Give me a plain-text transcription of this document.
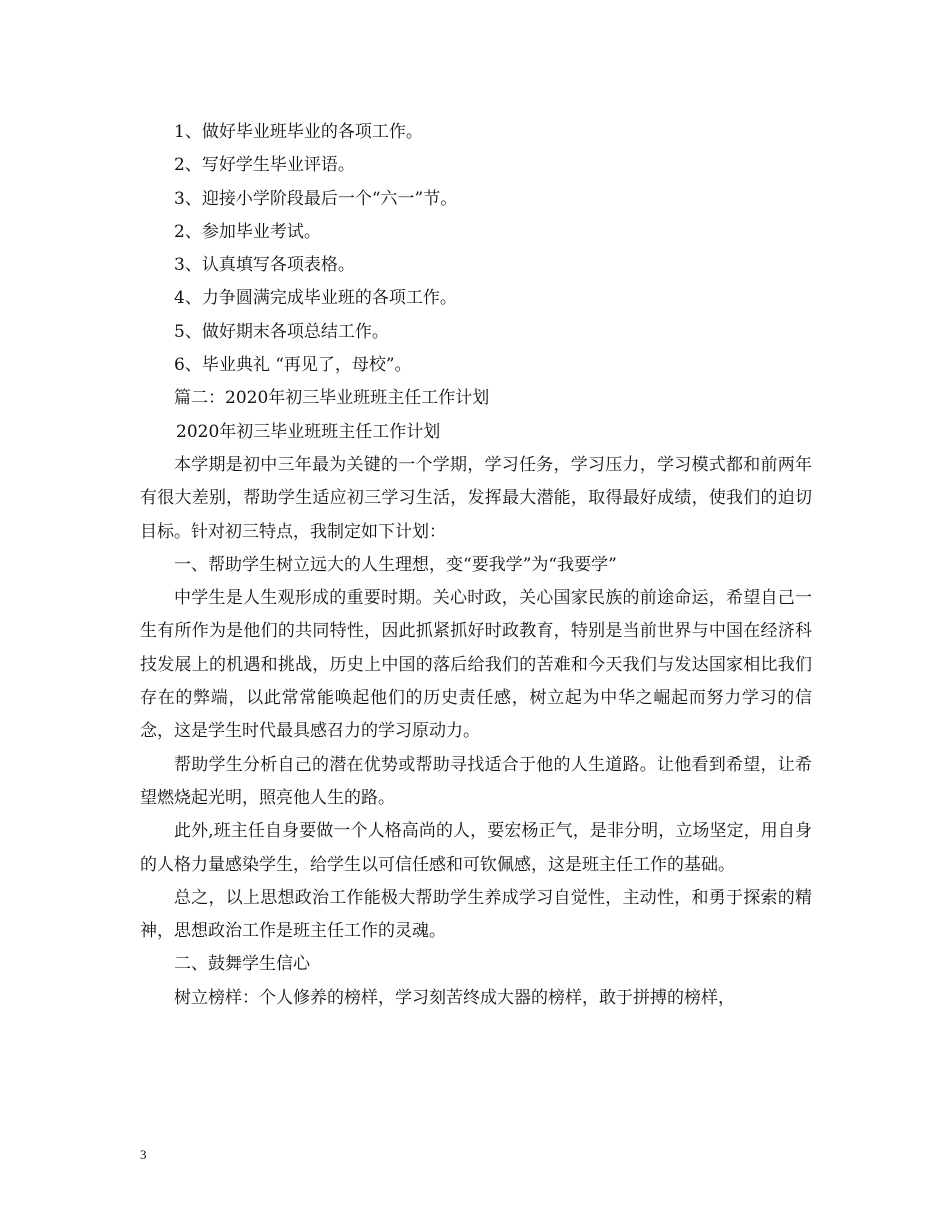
1、做好毕业班毕业的各项工作。

2、写好学生毕业评语。

3、迎接小学阶段最后一个“六一”节。

2、参加毕业考试。

3、认真填写各项表格。

4、力争圆满完成毕业班的各项工作。

5、做好期末各项总结工作。

6、毕业典礼 “再见了，母校”。

篇二：2020年初三毕业班班主任工作计划

2020年初三毕业班班主任工作计划

本学期是初中三年最为关键的一个学期，学习任务，学习压力，学习模式都和前两年有很大差别，帮助学生适应初三学习生活，发挥最大潜能，取得最好成绩，使我们的迫切目标。针对初三特点，我制定如下计划：

一、帮助学生树立远大的人生理想，变“要我学”为“我要学”

中学生是人生观形成的重要时期。关心时政，关心国家民族的前途命运，希望自己一生有所作为是他们的共同特性，因此抓紧抓好时政教育，特别是当前世界与中国在经济科技发展上的机遇和挑战，历史上中国的落后给我们的苦难和今天我们与发达国家相比我们存在的弊端，以此常常能唤起他们的历史责任感，树立起为中华之崛起而努力学习的信念，这是学生时代最具感召力的学习原动力。

帮助学生分析自己的潜在优势或帮助寻找适合于他的人生道路。让他看到希望，让希望燃烧起光明，照亮他人生的路。

此外,班主任自身要做一个人格高尚的人，要宏杨正气，是非分明，立场坚定，用自身的人格力量感染学生，给学生以可信任感和可钦佩感，这是班主任工作的基础。

总之，以上思想政治工作能极大帮助学生养成学习自觉性，主动性，和勇于探索的精神，思想政治工作是班主任工作的灵魂。

二、鼓舞学生信心

树立榜样：个人修养的榜样，学习刻苦终成大器的榜样，敢于拼搏的榜样，

3
